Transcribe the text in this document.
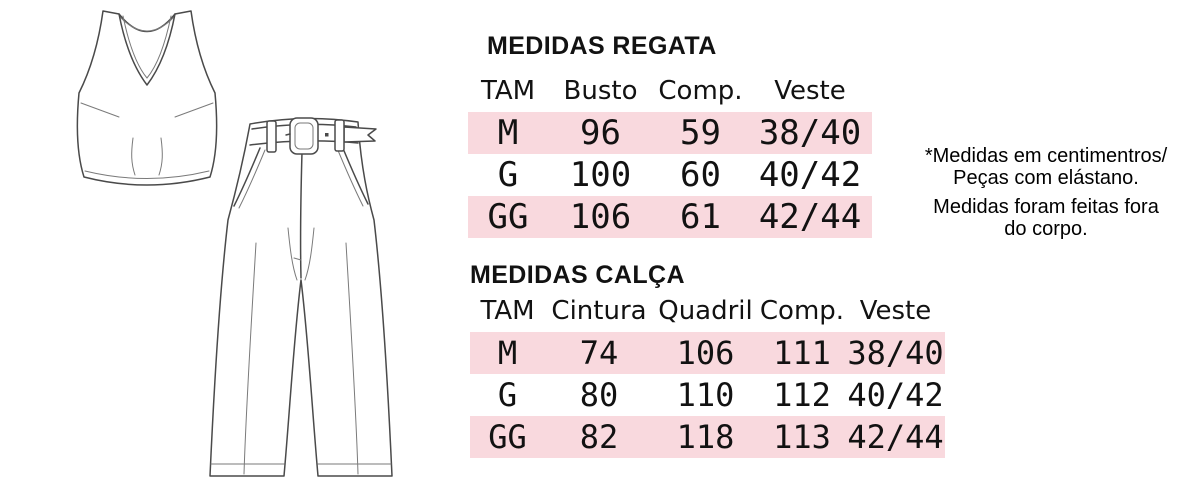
MEDIDAS REGATA
TAM	Busto Comp.	Veste
M	96	59	38/40
G	100	60	40/42
GG	106	61	42/44
MEDIDAS CALÇA
TAM Cintura Quadril Comp. Veste
M	74	106	111 38/40
G	80	110	112 40/42
GG	82	118	113 42/44
*Medidas em centimentros/
Peças com elástano.
Medidas foram feitas fora
do corpo.
